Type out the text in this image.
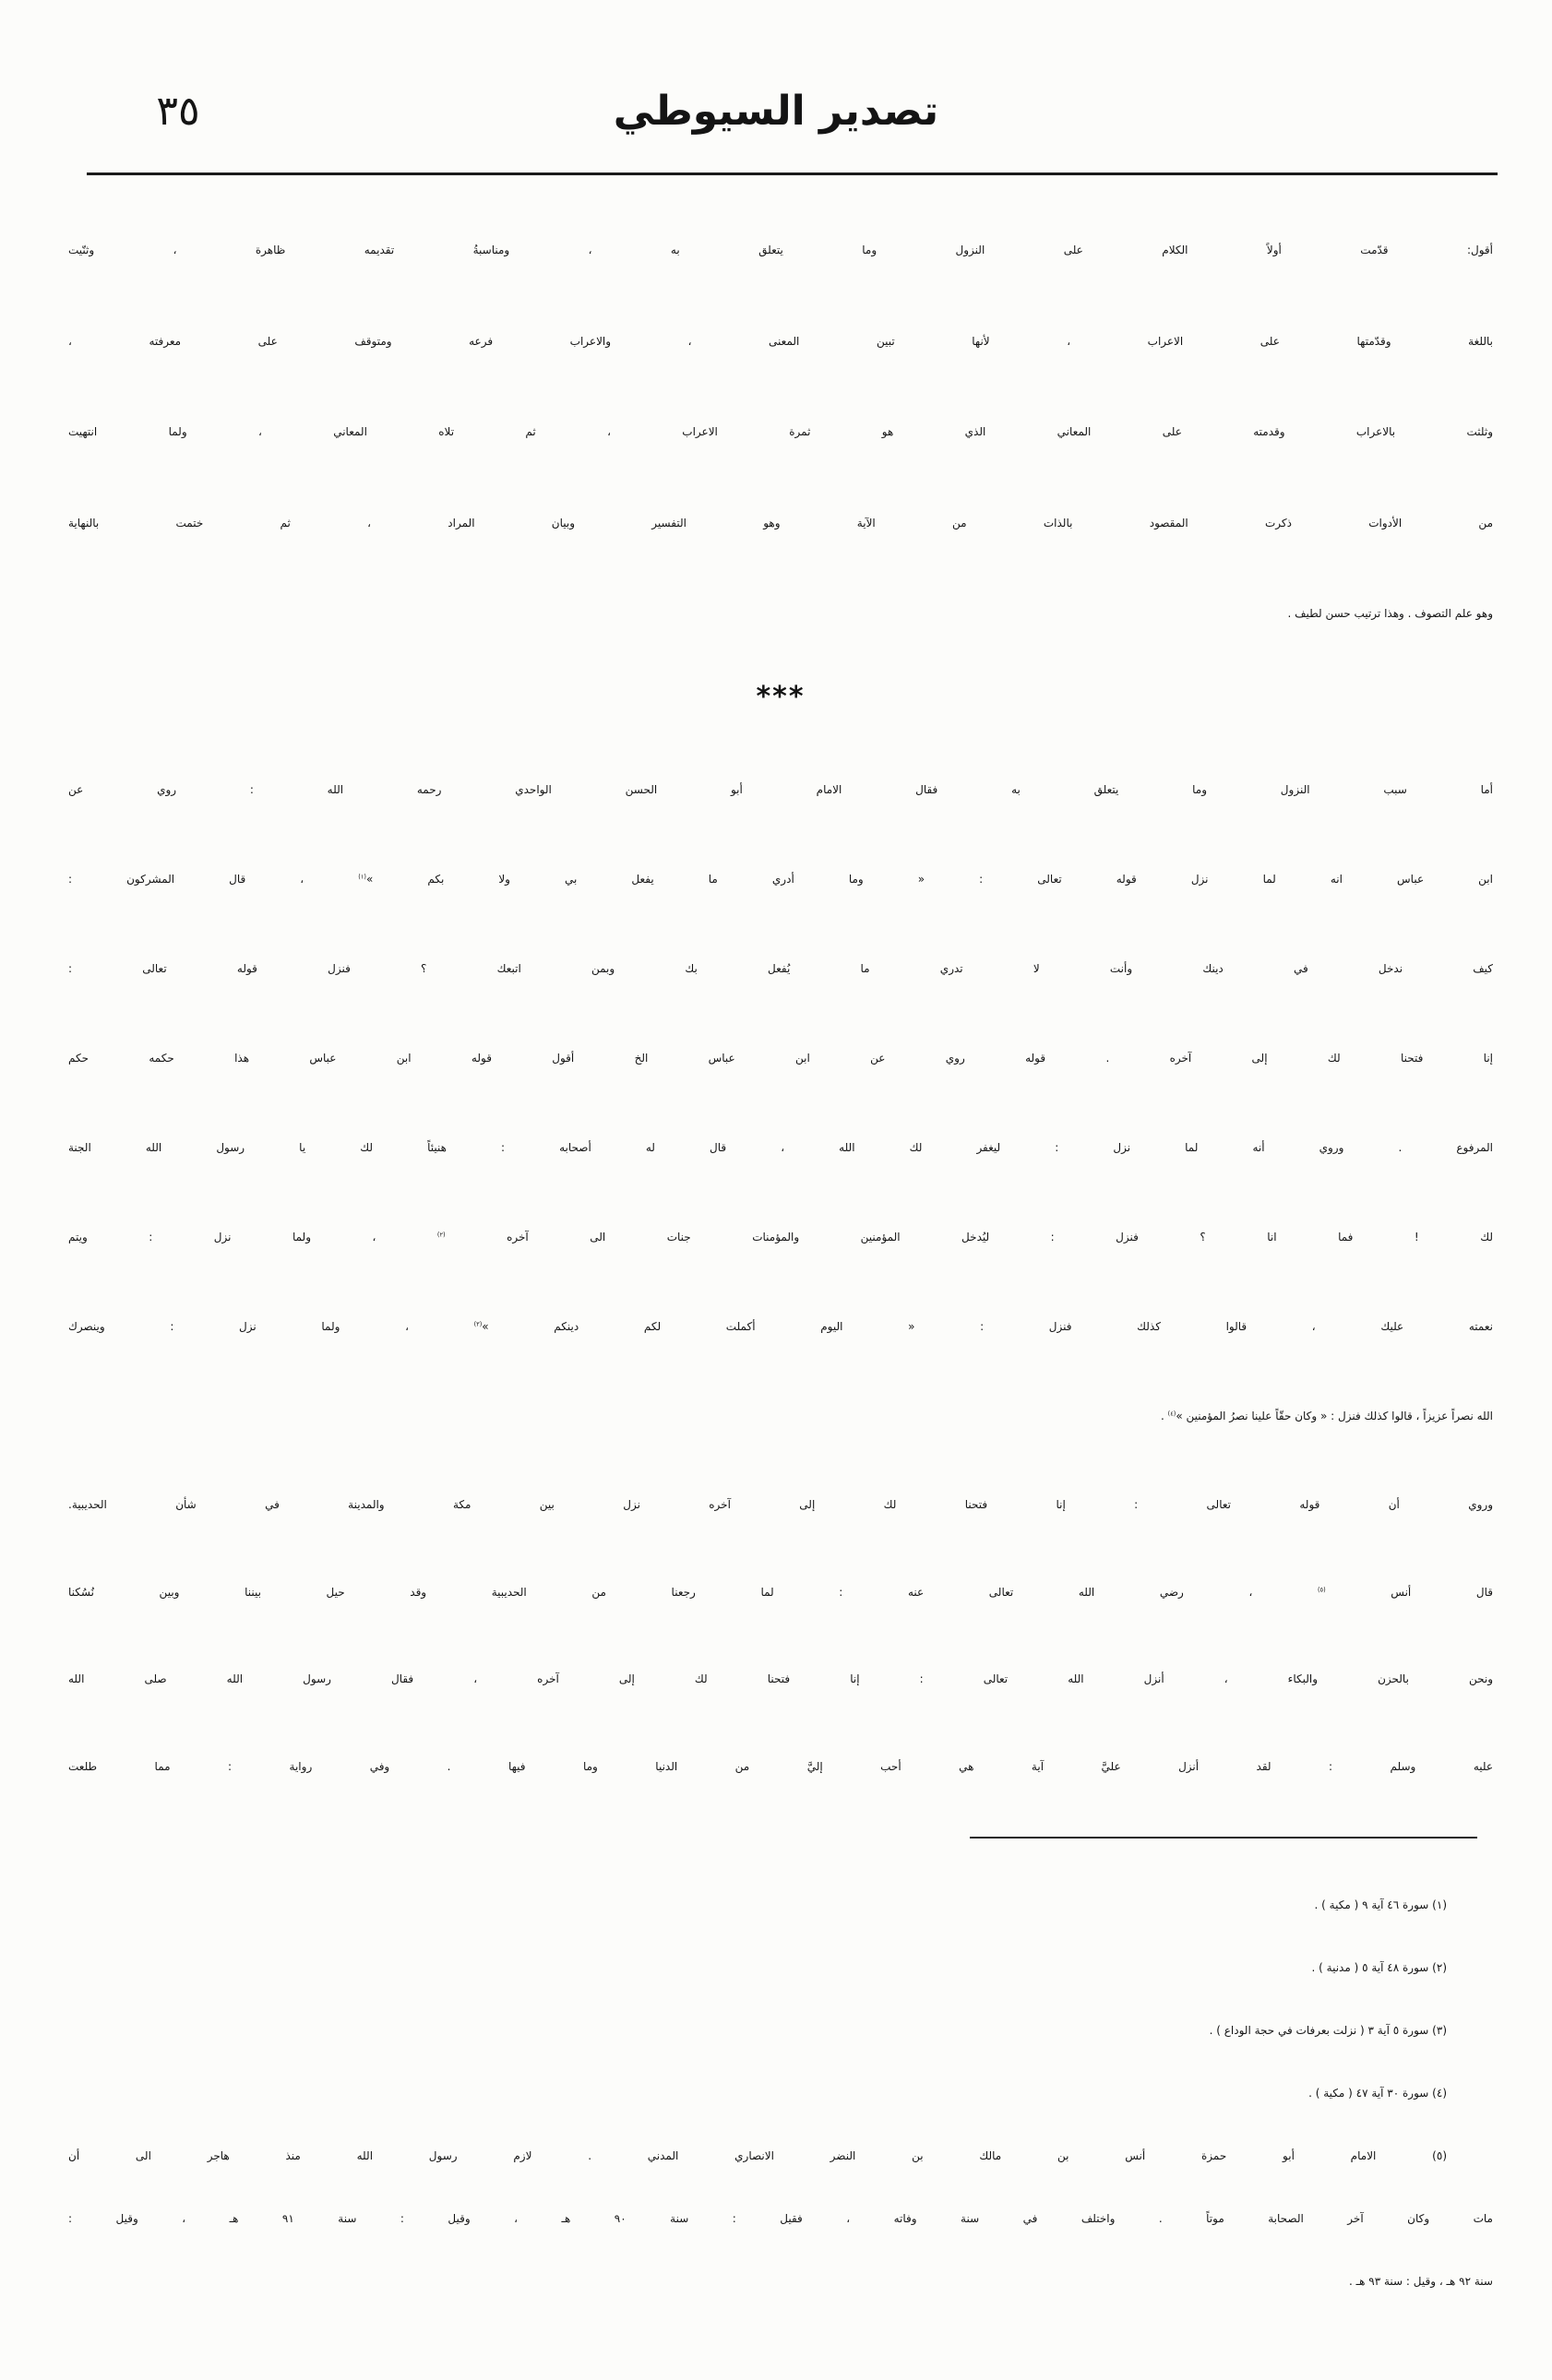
٣٥	تصدير السيوطي
أقول: قدّمت أولاً الكلام على النزول وما يتعلق به ، ومناسبةُ تقديمه ظاهرة ، وثنّيت
باللغة وقدّمتها على الاعراب ، لأنها تبين المعنى ، والاعراب فرعه ومتوقف على معرفته ،
وثلثت بالاعراب وقدمته على المعاني الذي هو ثمرة الاعراب ، ثم تلاه المعاني ، ولما انتهيت
من الأدوات ذكرت المقصود بالذات من الآية وهو التفسير وبيان المراد ، ثم ختمت بالنهاية
وهو علم التصوف . وهذا ترتيب حسن لطيف .
***
أما سبب النزول وما يتعلق به فقال الامام أبو الحسن الواحدي رحمه الله : روي عن
ابن عباس انه لما نزل قوله تعالى : « وما أدري ما يفعل بي ولا بكم »$^{(١)}$ ، قال المشركون :
كيف ندخل في دينك وأنت لا تدري ما يُفعل بك وبمن اتبعك ؟ فنزل قوله تعالى :
إنا فتحنا لك إلى آخره . قوله روي عن ابن عباس الخ أقول قوله ابن عباس هذا حكمه حكم
المرفوع . وروي أنه لما نزل : ليغفر لك الله ، قال له أصحابه : هنيئاً لك يا رسول الله الجنة
لك ! فما انا ؟ فنزل : ليُدخل المؤمنين والمؤمنات جنات الى آخره $^{(٢)}$ ، ولما نزل : ويتم
نعمته عليك ، قالوا كذلك فنزل : « اليوم أكملت لكم دينكم »$^{(٣)}$ ، ولما نزل : وينصرك
الله نصراً عزيزاً ، قالوا كذلك فنزل : « وكان حقّاً علينا نصرُ المؤمنين »$^{(٤)}$ .
وروي أن قوله تعالى : إنا فتحنا لك إلى آخره نزل بين مكة والمدينة في شأن الحديبية.
قال أنس $^{(٥)}$ ، رضي الله تعالى عنه : لما رجعنا من الحديبية وقد حيل بيننا وبين نُسُكنا
ونحن بالحزن والبكاء ، أنزل الله تعالى : إنا فتحنا لك إلى آخره ، فقال رسول الله صلى الله
عليه وسلم : لقد أنزل عليَّ آية هي أحب إليَّ من الدنيا وما فيها . وفي رواية : مما طلعت
(١) سورة ٤٦ آية ٩ ( مكية ) .
(٢) سورة ٤٨ آية ٥ ( مدنية ) .
(٣) سورة ٥ آية ٣ ( نزلت بعرفات في حجة الوداع ) .
(٤) سورة ٣٠ آية ٤٧ ( مكية ) .
(٥) الامام أبو حمزة أنس بن مالك بن النضر الانصاري المدني . لازم رسول الله منذ هاجر الى أن
مات وكان آخر الصحابة موتاً . واختلف في سنة وفاته ، فقيل : سنة ٩٠ هـ ، وقيل : سنة ٩١ هـ ، وقيل :
سنة ٩٢ هـ ، وقيل : سنة ٩٣ هـ .
